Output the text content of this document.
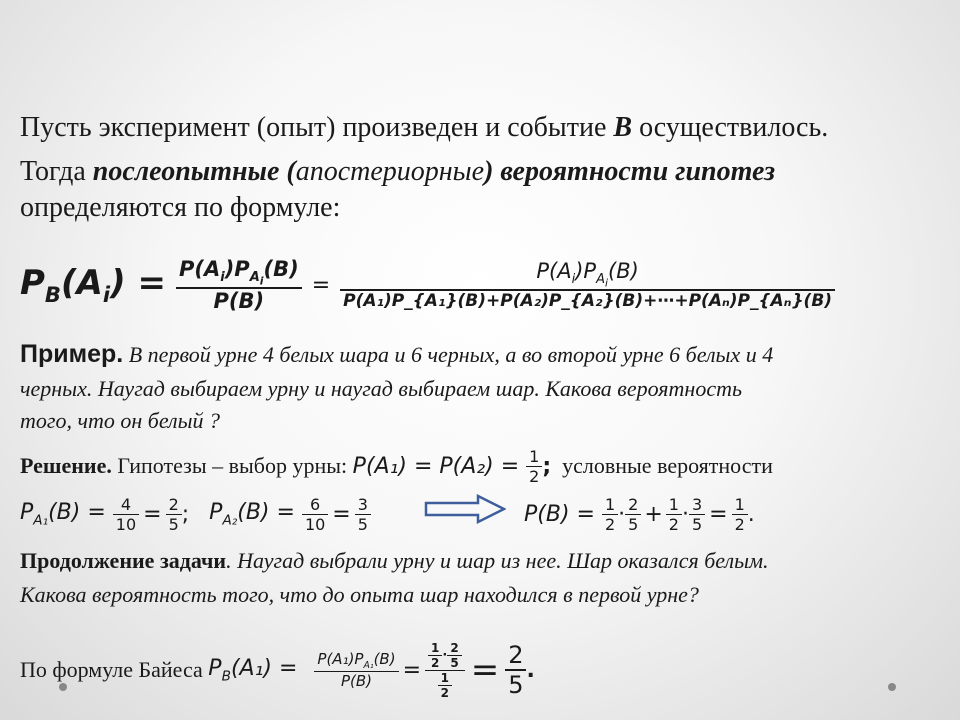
Пусть эксперимент (опыт) произведен и событие B осуществилось.
Тогда послеопытные (апостериорные) вероятности гипотез
определяются по формуле:
$P_B(A_i) = \frac{P(A_i)P_{A_i}(B)}{P(B)} = \frac{P(A_i)P_{A_i}(B)}{\text{P(A₁)P\_\{A₁\}(B)+P(A₂)P\_\{A₂\}(B)+⋯+P(Aₙ)P\_\{Aₙ\}(B)}}$
Пример. В первой урне 4 белых шара и 6 черных, а во второй урне 6 белых и 4
черных. Наугад выбираем урну и наугад выбираем шар. Какова вероятность
того, что он белый ?
Решение. Гипотезы – выбор урны: $P(A_1) = P(A_2) = \frac{1}{2}$ ; условные вероятности
$P_{A_1}(B) = \frac{4}{10} = \frac{2}{5}$ ; $P_{A_2}(B) = \frac{6}{10} = \frac{3}{5}$	$P(B) = \frac{1}{2} \cdot \frac{2}{5} + \frac{1}{2} \cdot \frac{3}{5} = \frac{1}{2}$ .
Продолжение задачи. Наугад выбрали урну и шар из нее. Шар оказался белым.
Какова вероятность того, что до опыта шар находился в первой урне?
По формуле Байеса $P_B(A_1) = \frac{P(A_1)P_{A_1}(B)}{P(B)} = \frac{\frac{1}{2} \cdot \frac{2}{5}}{\frac{1}{2}} = \frac{2}{5}$ .
